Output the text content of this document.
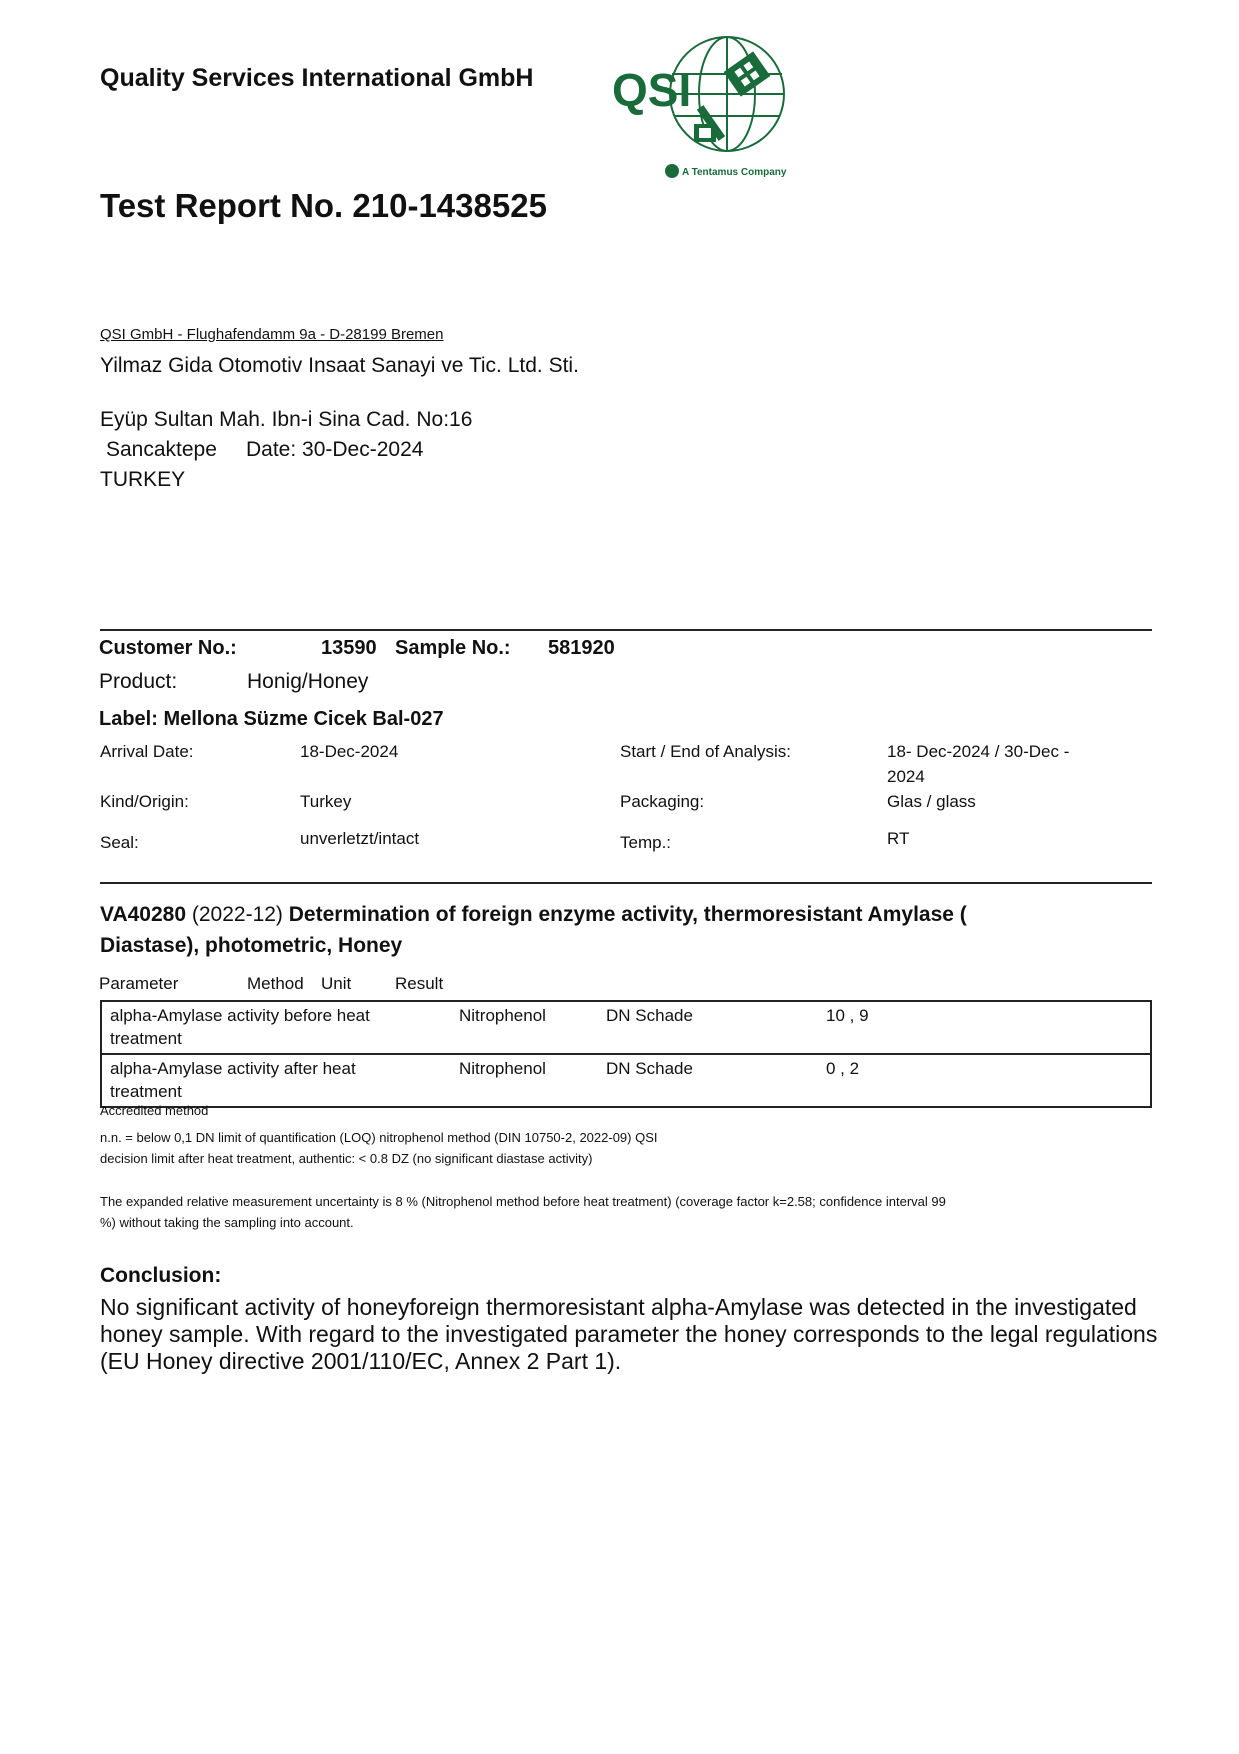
Quality Services International GmbH QSI
A Tentamus Company
Test Report No. 210-1438525
QSI GmbH - Flughafendamm 9a - D-28199 Bremen
Yilmaz Gida Otomotiv Insaat Sanayi ve Tic. Ltd. Sti.
Eyüp Sultan Mah. Ibn-i Sina Cad. No:16
Sancaktepe Date: 30-Dec-2024
TURKEY
Customer No.:	13590 Sample No.: 581920
Product:	Honig/Honey
Label: Mellona Süzme Cicek Bal-027
Arrival Date:	18-Dec-2024	Start / End of Analysis:	18- Dec-2024 / 30-Dec -
2024
Kind/Origin:	Turkey	Packaging:	Glas / glass
Seal:	unverletzt/intact	Temp.:	RT
VA40280 (2022-12) Determination of foreign enzyme activity, thermoresistant Amylase (
Diastase), photometric, Honey
Parameter	Method Unit	Result
alpha-Amylase activity before heat
treatment	Nitrophenol	DN Schade	10 , 9

alpha-Amylase activity after heat
treatment	Nitrophenol	DN Schade	0 , 2
Accredited method
n.n. = below 0,1 DN limit of quantification (LOQ) nitrophenol method (DIN 10750-2, 2022-09) QSI
decision limit after heat treatment, authentic: < 0.8 DZ (no significant diastase activity)
The expanded relative measurement uncertainty is 8 % (Nitrophenol method before heat treatment) (coverage factor k=2.58; confidence interval 99
%) without taking the sampling into account.
Conclusion:
No significant activity of honeyforeign thermoresistant alpha-Amylase was detected in the investigated honey sample. With regard to the investigated parameter the honey corresponds to the legal regulations (EU Honey directive 2001/110/EC, Annex 2 Part 1).
